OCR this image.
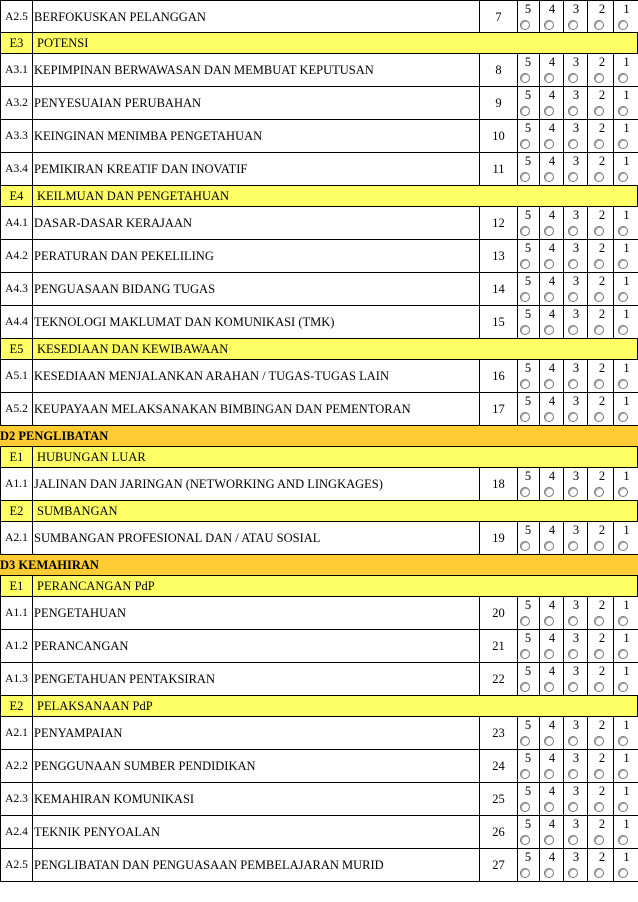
A2.5 BERFOKUSKAN PELANGGAN	7
5	4	3	2	1
E3	POTENSI
A3.1 KEPIMPINAN BERWAWASAN DAN MEMBUAT KEPUTUSAN	8
5	4	3	2	1
A3.2 PENYESUAIAN PERUBAHAN	9
5	4	3	2	1
A3.3 KEINGINAN MENIMBA PENGETAHUAN	10
5	4	3	2	1
A3.4 PEMIKIRAN KREATIF DAN INOVATIF	11
5	4	3	2	1
E4	KEILMUAN DAN PENGETAHUAN
A4.1 DASAR-DASAR KERAJAAN	12
5	4	3	2	1
A4.2 PERATURAN DAN PEKELILING	13
5	4	3	2	1
A4.3 PENGUASAAN BIDANG TUGAS	14
5	4	3	2	1
A4.4 TEKNOLOGI MAKLUMAT DAN KOMUNIKASI (TMK)	15
5	4	3	2	1
E5	KESEDIAAN DAN KEWIBAWAAN
A5.1 KESEDIAAN MENJALANKAN ARAHAN / TUGAS-TUGAS LAIN	16
5	4	3	2	1
A5.2 KEUPAYAAN MELAKSANAKAN BIMBINGAN DAN PEMENTORAN	17
5	4	3	2	1
D2 PENGLIBATAN
E1	HUBUNGAN LUAR
A1.1 JALINAN DAN JARINGAN (NETWORKING AND LINGKAGES)	18
5	4	3	2	1
E2	SUMBANGAN
A2.1 SUMBANGAN PROFESIONAL DAN / ATAU SOSIAL	19
5	4	3	2	1
D3 KEMAHIRAN
E1	PERANCANGAN PdP
A1.1 PENGETAHUAN	20
5	4	3	2	1
A1.2 PERANCANGAN	21
5	4	3	2	1
A1.3 PENGETAHUAN PENTAKSIRAN	22
5	4	3	2	1
E2	PELAKSANAAN PdP
A2.1 PENYAMPAIAN	23
5	4	3	2	1
A2.2 PENGGUNAAN SUMBER PENDIDIKAN	24
5	4	3	2	1
A2.3 KEMAHIRAN KOMUNIKASI	25
5	4	3	2	1
A2.4 TEKNIK PENYOALAN	26
5	4	3	2	1
A2.5 PENGLIBATAN DAN PENGUASAAN PEMBELAJARAN MURID	27
5	4	3	2	1
